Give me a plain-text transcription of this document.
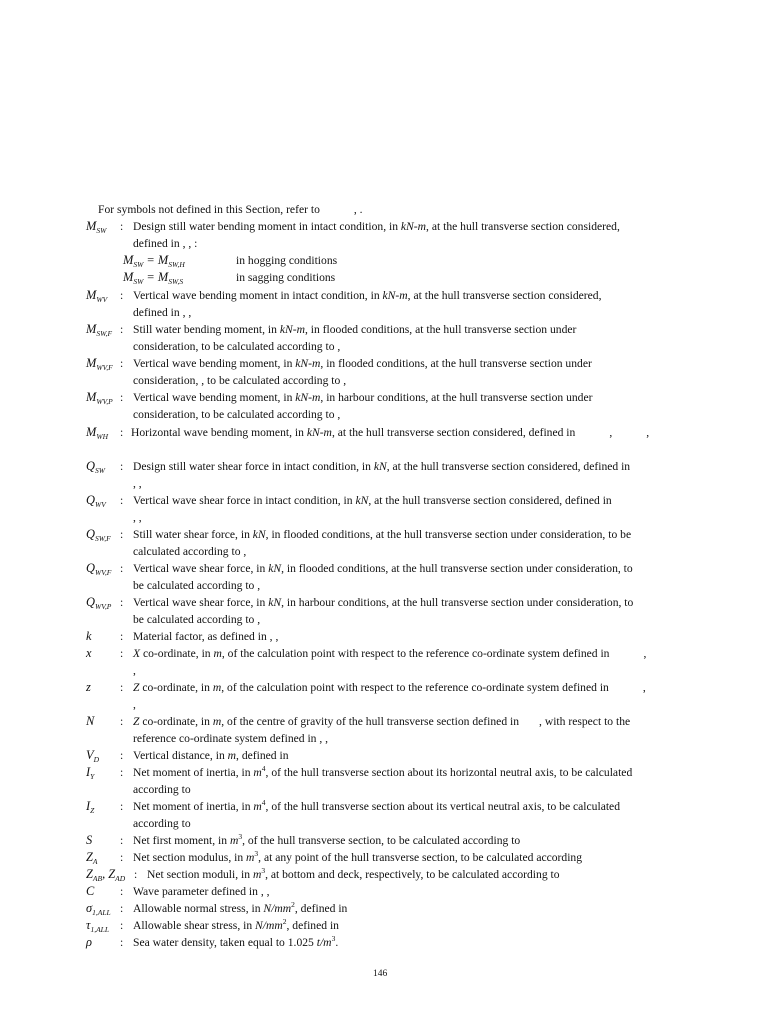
For symbols not defined in this Section, refer to	, .
$M_{SW}$	: Design still water bending moment in intact condition, in kN-m, at the hull transverse section considered,
defined in , , :
$M_{SW} = M_{SW,H}$	in hogging conditions
$M_{SW} = M_{SW,S}$	in sagging conditions
$M_{WV}$	: Vertical wave bending moment in intact condition, in kN-m, at the hull transverse section considered,
defined in , ,
$M_{SW,F}$ : Still water bending moment, in kN-m, in flooded conditions, at the hull transverse section under
consideration, to be calculated according to ,
$M_{WV,F}$ : Vertical wave bending moment, in kN-m, in flooded conditions, at the hull transverse section under
consideration, , to be calculated according to ,
$M_{WV,P}$ : Vertical wave bending moment, in kN-m, in harbour conditions, at the hull transverse section under
consideration, to be calculated according to ,
$M_{WH}$	: Horizontal wave bending moment, in kN-m, at the hull transverse section considered, defined in	,	,
$Q_{SW}$	: Design still water shear force in intact condition, in kN, at the hull transverse section considered, defined in
, ,
$Q_{WV}$	: Vertical wave shear force in intact condition, in kN, at the hull transverse section considered, defined in
, ,
$Q_{SW,F}$ : Still water shear force, in kN, in flooded conditions, at the hull transverse section under consideration, to be
calculated according to ,
$Q_{WV,F}$ : Vertical wave shear force, in kN, in flooded conditions, at the hull transverse section under consideration, to
be calculated according to ,
$Q_{WV,P}$ : Vertical wave shear force, in kN, in harbour conditions, at the hull transverse section under consideration, to
be calculated according to ,
k	: Material factor, as defined in , ,
x	: X co-ordinate, in m, of the calculation point with respect to the reference co-ordinate system defined in	,
,
z	: Z co-ordinate, in m, of the calculation point with respect to the reference co-ordinate system defined in	,
,
N	: Z co-ordinate, in m, of the centre of gravity of the hull transverse section defined in , with respect to the
reference co-ordinate system defined in , ,
$V_D$	: Vertical distance, in m, defined in
$I_Y$	: Net moment of inertia, in $m^4$, of the hull transverse section about its horizontal neutral axis, to be calculated
according to
$I_Z$	: Net moment of inertia, in $m^4$, of the hull transverse section about its vertical neutral axis, to be calculated
according to
S	: Net first moment, in $m^3$, of the hull transverse section, to be calculated according to
$Z_A$	: Net section modulus, in $m^3$, at any point of the hull transverse section, to be calculated according
$Z_{AB}$, $Z_{AD}$ : Net section moduli, in $m^3$, at bottom and deck, respectively, to be calculated according to
C	: Wave parameter defined in , ,
$\sigma_{1,ALL}$ : Allowable normal stress, in $N/mm^2$, defined in
$\tau_{1,ALL}$ : Allowable shear stress, in $N/mm^2$, defined in
ρ	: Sea water density, taken equal to 1.025 $t/m^3$.
146
